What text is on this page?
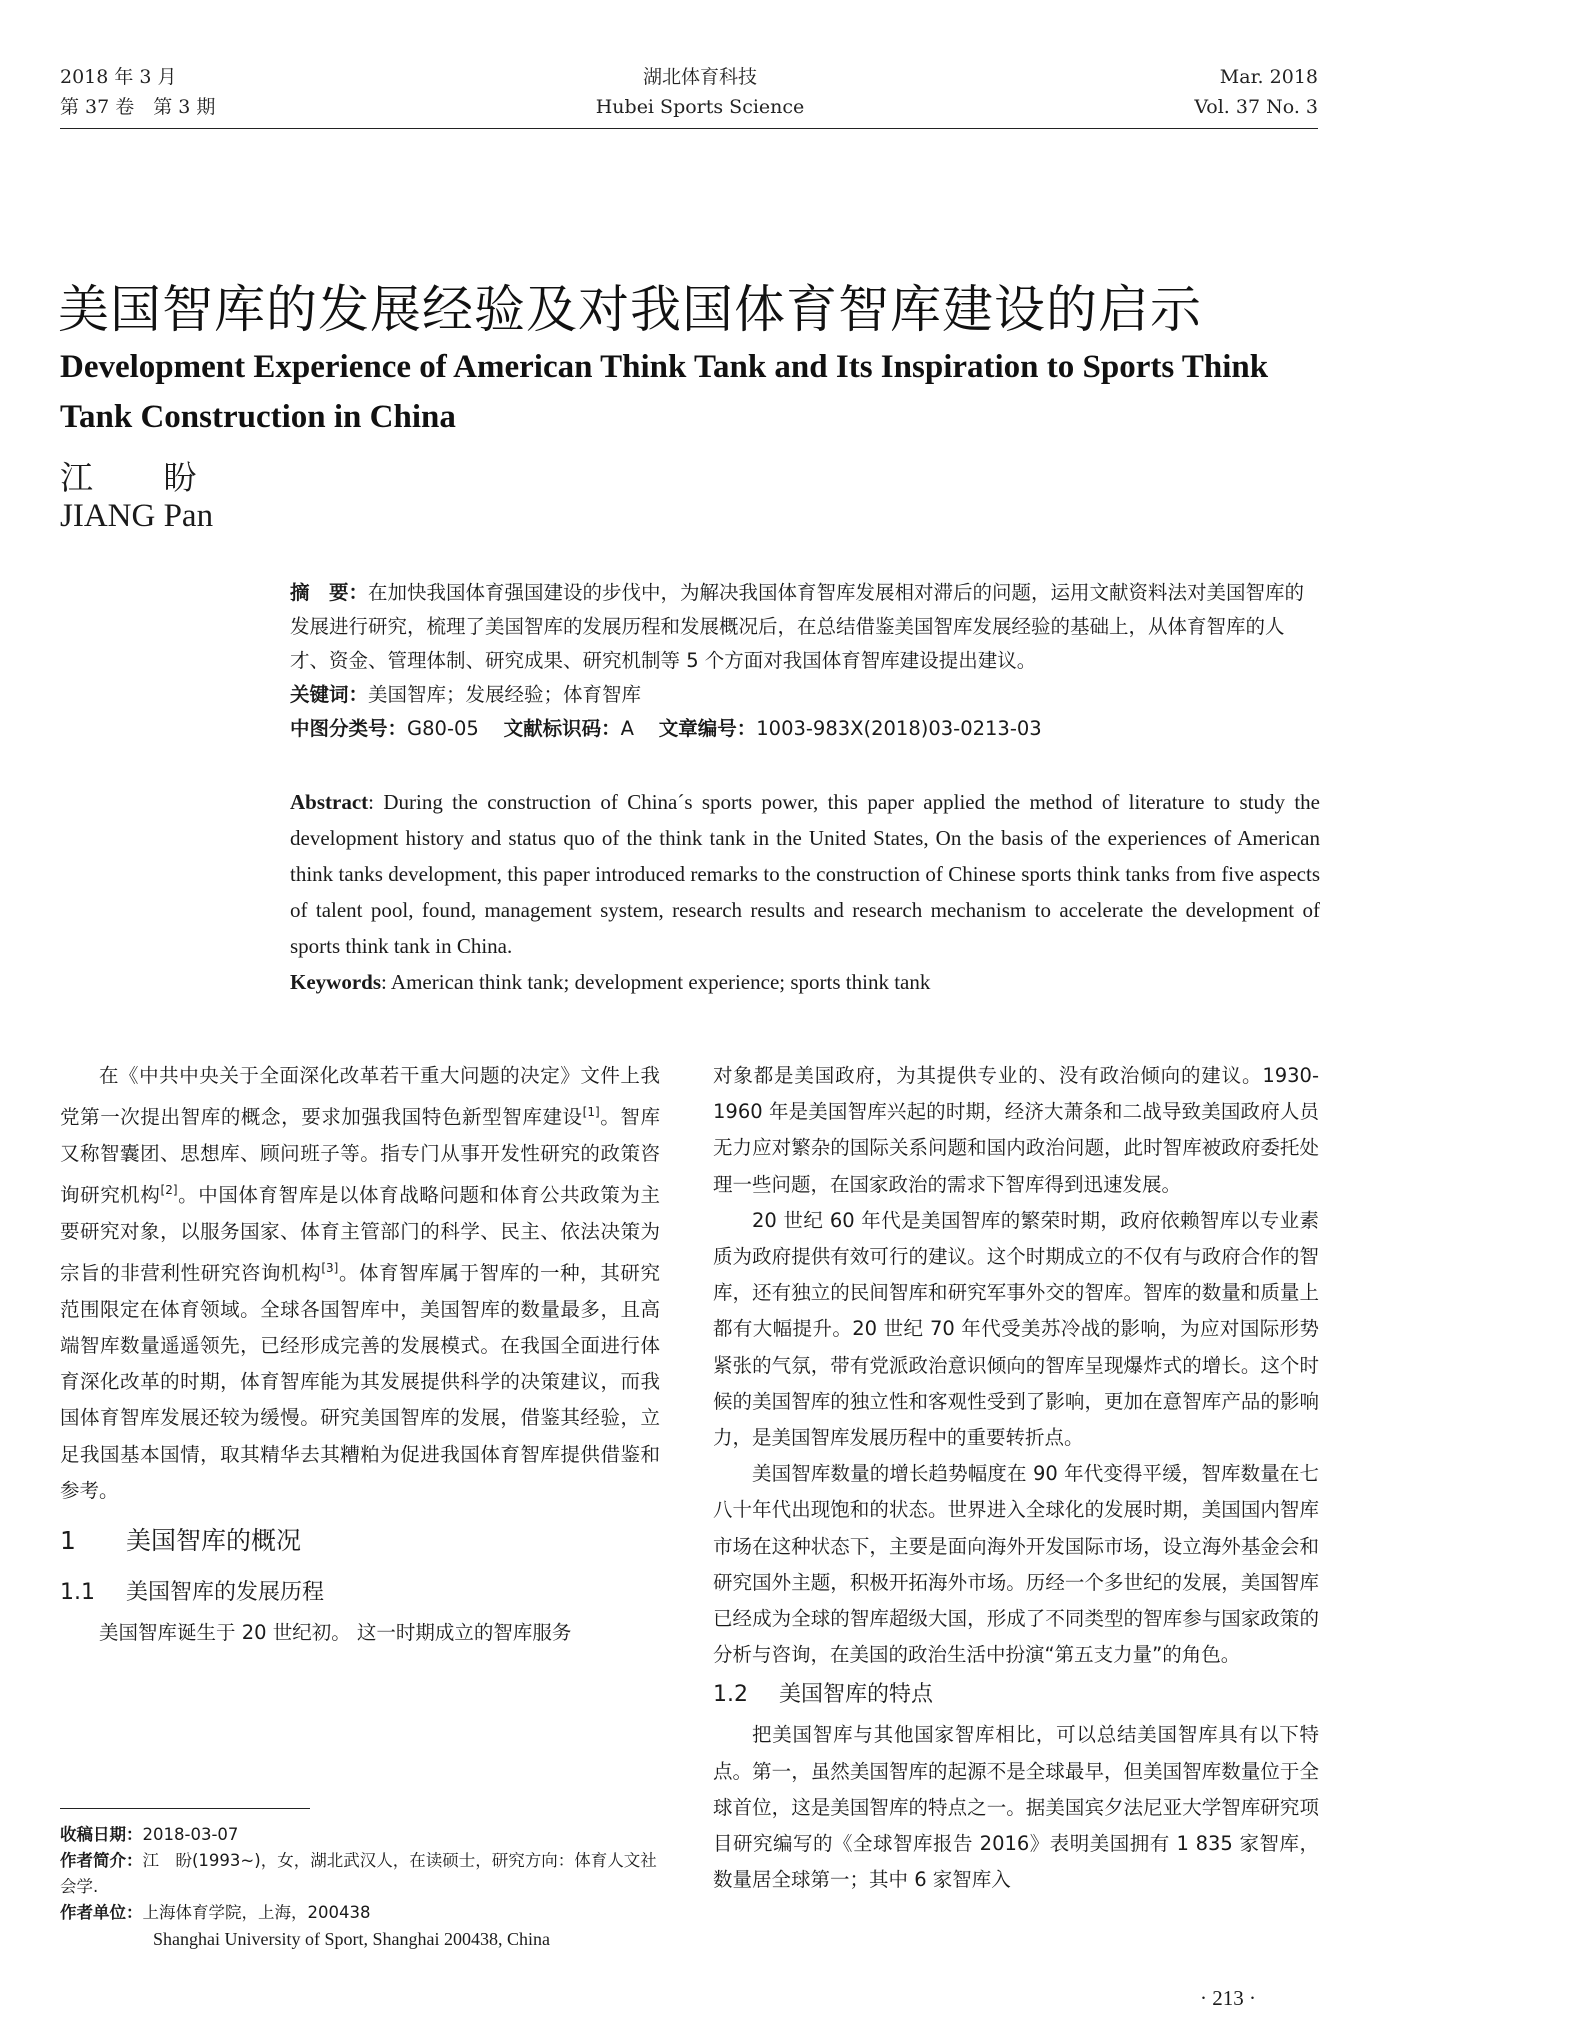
2018 年 3 月
第 37 卷　第 3 期
湖北体育科技
Hubei Sports Science
Mar. 2018
Vol. 37 No. 3
美国智库的发展经验及对我国体育智库建设的启示
Development Experience of American Think Tank and Its Inspiration to Sports Think Tank Construction in China
江 盼
JIANG Pan
摘　要：在加快我国体育强国建设的步伐中，为解决我国体育智库发展相对滞后的问题，运用文献资料法对美国智库的发展进行研究，梳理了美国智库的发展历程和发展概况后，在总结借鉴美国智库发展经验的基础上，从体育智库的人才、资金、管理体制、研究成果、研究机制等 5 个方面对我国体育智库建设提出建议。
关键词：美国智库；发展经验；体育智库
中图分类号：G80-05 文献标识码：A 文章编号：1003-983X(2018)03-0213-03
Abstract: During the construction of China´s sports power, this paper applied the method of literature to study the development history and status quo of the think tank in the United States, On the basis of the experiences of American think tanks development, this paper introduced remarks to the construction of Chinese sports think tanks from five aspects of talent pool, found, management system, research results and research mechanism to accelerate the development of sports think tank in China.
Keywords: American think tank; development experience; sports think tank

在《中共中央关于全面深化改革若干重大问题的决定》文件上我党第一次提出智库的概念，要求加强我国特色新型智库建设[1]。智库又称智囊团、思想库、顾问班子等。指专门从事开发性研究的政策咨询研究机构[2]。中国体育智库是以体育战略问题和体育公共政策为主要研究对象，以服务国家、体育主管部门的科学、民主、依法决策为宗旨的非营利性研究咨询机构[3]。体育智库属于智库的一种，其研究范围限定在体育领域。全球各国智库中，美国智库的数量最多，且高端智库数量遥遥领先，已经形成完善的发展模式。在我国全面进行体育深化改革的时期，体育智库能为其发展提供科学的决策建议，而我国体育智库发展还较为缓慢。研究美国智库的发展，借鉴其经验，立足我国基本国情，取其精华去其糟粕为促进我国体育智库提供借鉴和参考。

1 美国智库的概况
1.1 美国智库的发展历程

美国智库诞生于 20 世纪初。 这一时期成立的智库服务

对象都是美国政府，为其提供专业的、没有政治倾向的建议。1930-1960 年是美国智库兴起的时期，经济大萧条和二战导致美国政府人员无力应对繁杂的国际关系问题和国内政治问题，此时智库被政府委托处理一些问题，在国家政治的需求下智库得到迅速发展。

20 世纪 60 年代是美国智库的繁荣时期，政府依赖智库以专业素质为政府提供有效可行的建议。这个时期成立的不仅有与政府合作的智库，还有独立的民间智库和研究军事外交的智库。智库的数量和质量上都有大幅提升。20 世纪 70 年代受美苏冷战的影响，为应对国际形势紧张的气氛，带有党派政治意识倾向的智库呈现爆炸式的增长。这个时候的美国智库的独立性和客观性受到了影响，更加在意智库产品的影响力，是美国智库发展历程中的重要转折点。

美国智库数量的增长趋势幅度在 90 年代变得平缓，智库数量在七八十年代出现饱和的状态。世界进入全球化的发展时期，美国国内智库市场在这种状态下，主要是面向海外开发国际市场，设立海外基金会和研究国外主题，积极开拓海外市场。历经一个多世纪的发展，美国智库已经成为全球的智库超级大国，形成了不同类型的智库参与国家政策的分析与咨询，在美国的政治生活中扮演“第五支力量”的角色。

1.2 美国智库的特点

把美国智库与其他国家智库相比，可以总结美国智库具有以下特点。第一，虽然美国智库的起源不是全球最早，但美国智库数量位于全球首位，这是美国智库的特点之一。据美国宾夕法尼亚大学智库研究项目研究编写的《全球智库报告 2016》表明美国拥有 1 835 家智库，数量居全球第一；其中 6 家智库入

收稿日期：2018-03-07
作者简介：江　盼(1993~)，女，湖北武汉人，在读硕士，研究方向：体育人文社会学.
作者单位：上海体育学院，上海，200438
Shanghai University of Sport, Shanghai 200438, China
· 213 ·
